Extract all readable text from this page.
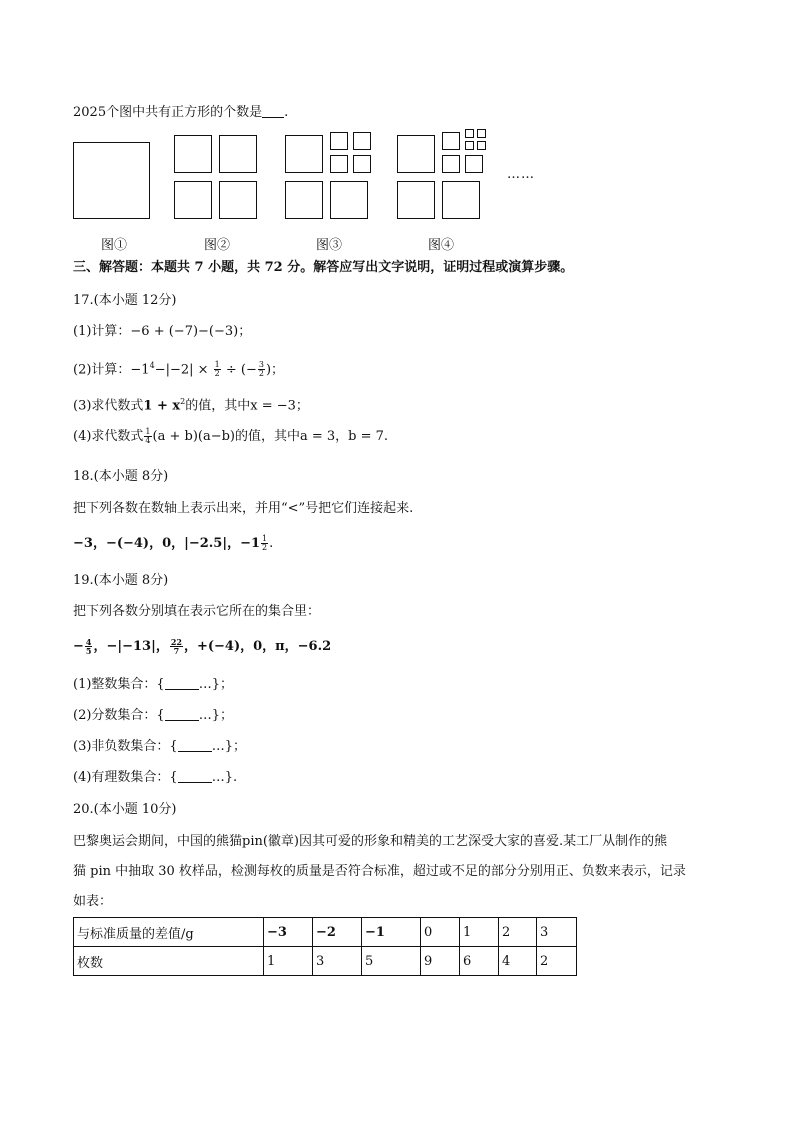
2025个图中共有正方形的个数是 .
……
图①	图②	图③	图④
三、解答题：本题共 7 小题，共 72 分。解答应写出文字说明，证明过程或演算步骤。
17.(本小题 12分)
(1)计算：−6 + (−7)−(−3)；
(2)计算：$-1^4-|-2| \times \frac{1}{2}$ ÷ (− $\frac{3}{2}$ )；
(3)求代数式$1 + x^2$的值，其中x = −3；
(4)求代数式 $\frac{1}{4} (a + b)(a-b)$的值，其中a = 3，b = 7.
18.(本小题 8分)
把下列各数在数轴上表示出来，并用“<”号把它们连接起来.
−3，−(−4)，0，|−2.5|，$-1 \frac{1}{2}$ .
19.(本小题 8分)
把下列各数分别填在表示它所在的集合里：
− $\frac{4}{5}$ ，−|−13|， $\frac{22}{7}$ ，+(−4)，0，π，−6.2
(1)整数集合：{	…}；
(2)分数集合：{	…}；
(3)非负数集合：{	…}；
(4)有理数集合：{	…}.
20.(本小题 10分)
巴黎奥运会期间，中国的熊猫pin(徽章)因其可爱的形象和精美的工艺深受大家的喜爱.某工厂从制作的熊
猫 pin 中抽取 30 枚样品，检测每枚的质量是否符合标准，超过或不足的部分分别用正、负数来表示，记录
如表：
与标准质量的差值/g	−3	−2	−1	0	1	2	3
枚数	1	3	5	9	6	4	2
